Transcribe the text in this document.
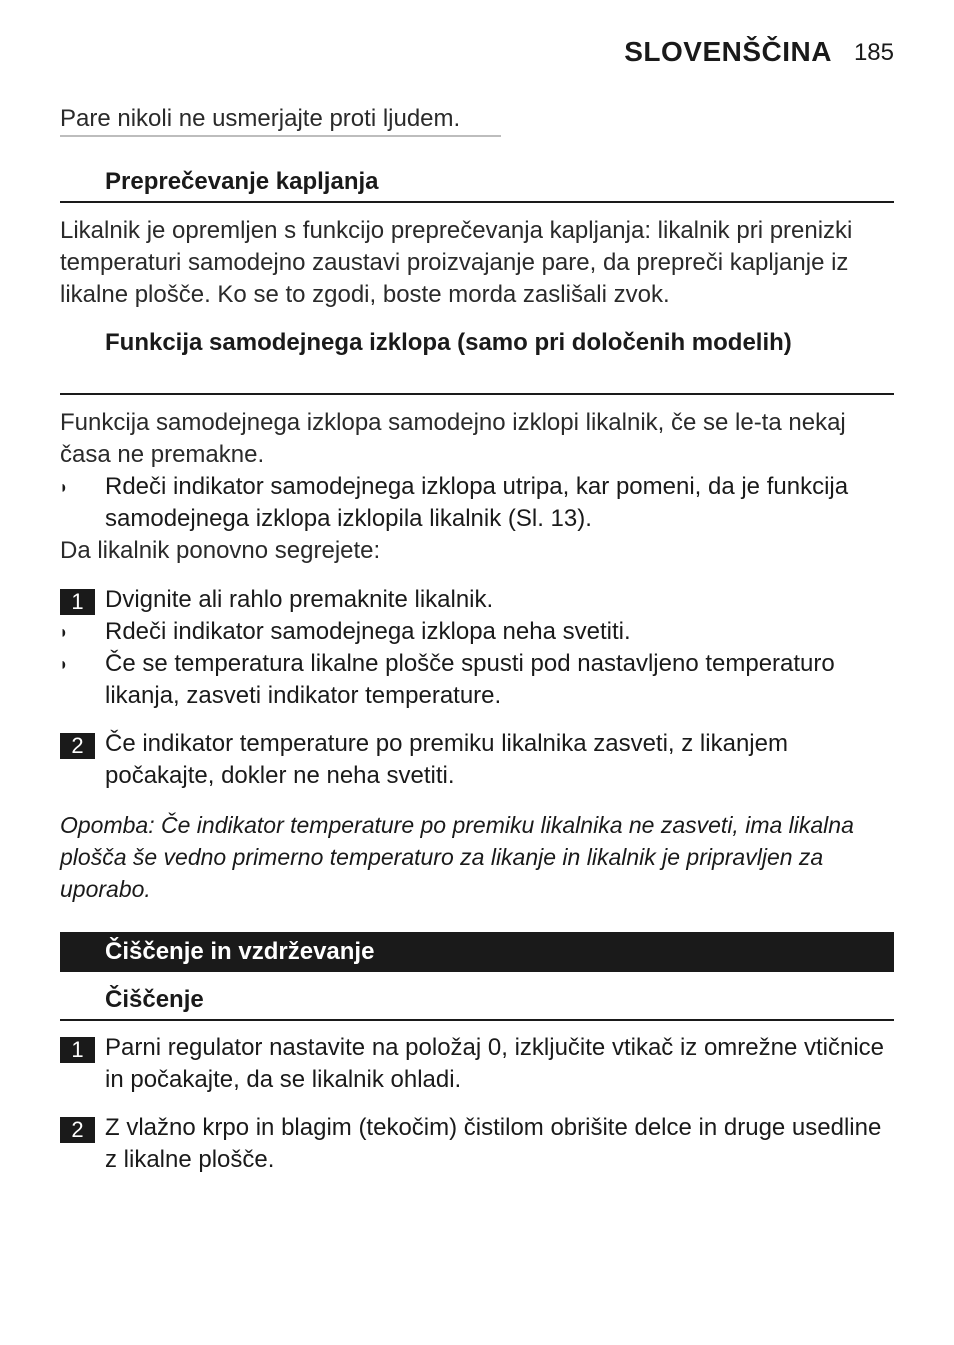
SLOVENŠČINA 185
Pare nikoli ne usmerjajte proti ljudem.
Preprečevanje kapljanja
Likalnik je opremljen s funkcijo preprečevanja kapljanja: likalnik pri prenizki temperaturi samodejno zaustavi proizvajanje pare, da prepreči kapljanje iz likalne plošče. Ko se to zgodi, boste morda zaslišali zvok.
Funkcija samodejnega izklopa (samo pri določenih modelih)
Funkcija samodejnega izklopa samodejno izklopi likalnik, če se le-ta nekaj časa ne premakne.
◗ Rdeči indikator samodejnega izklopa utripa, kar pomeni, da je funkcija samodejnega izklopa izklopila likalnik (Sl. 13).
Da likalnik ponovno segrejete:
1 Dvignite ali rahlo premaknite likalnik.
◗ Rdeči indikator samodejnega izklopa neha svetiti.
◗ Če se temperatura likalne plošče spusti pod nastavljeno temperaturo likanja, zasveti indikator temperature.
2 Če indikator temperature po premiku likalnika zasveti, z likanjem počakajte, dokler ne neha svetiti.
Opomba: Če indikator temperature po premiku likalnika ne zasveti, ima likalna plošča še vedno primerno temperaturo za likanje in likalnik je pripravljen za uporabo.
Čiščenje in vzdrževanje
Čiščenje
1 Parni regulator nastavite na položaj 0, izključite vtikač iz omrežne vtičnice in počakajte, da se likalnik ohladi.
2 Z vlažno krpo in blagim (tekočim) čistilom obrišite delce in druge usedline z likalne plošče.
